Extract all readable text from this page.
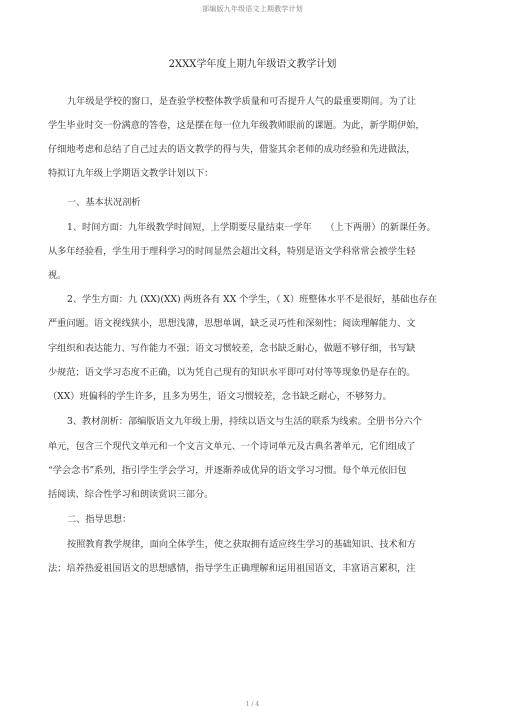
部编版九年级语文上期教学计划
2XXX学年度上期九年级语文教学计划
九年级是学校的窗口，是查验学校整体教学质量和可否提升人气的最重要期间。为了让
学生毕业时交一份满意的答卷，这是摆在每一位九年级教师眼前的课题。为此，新学期伊始，
仔细地考虑和总结了自己过去的语文教学的得与失，借鉴其余老师的成功经验和先进做法，
特拟订九年级上学期语文教学计划以下：
一、基本状况剖析
1、时间方面：九年级教学时间短，上学期要尽量结束一学年　　（上下两册）的新课任务。
从多年经验看，学生用于理科学习的时间显然会超出文科，特别是语文学科常常会被学生轻
视。
2、学生方面：九 (XX)(XX) 两班各有 XX 个学生，（ X）班整体水平不是很好，基础也存在
严重问题。语文视线狭小，思想浅薄，思想单调，缺乏灵巧性和深刻性；阅读理解能力、文
字组织和表达能力、写作能力不强；语文习惯较差，念书缺乏耐心，做题不够仔细，书写缺
少规范；语文学习态度不正确，以为凭自己现有的知识水平即可对付等等现象仍是存在的。
（XX）班偏科的学生许多，且多为男生，语文习惯较差，念书缺乏耐心，不够努力。
3、教材剖析：部编版语文九年级上册，持续以语文与生活的联系为线索。全册书分六个
单元，包含三个现代文单元和一个文言文单元、一个诗词单元及古典名著单元，它们组成了
“学会念书”系列，指引学生学会学习，并逐渐养成优异的语文学习习惯。每个单元依旧包
括阅读、综合性学习和朗读赏识三部分。
二、指导思想：
按照教育教学规律，面向全体学生，使之获取拥有适应终生学习的基础知识、技术和方
法；培养热爱祖国语文的思想感情，指导学生正确理解和运用祖国语文，丰富语言累积，注
1 / 4
